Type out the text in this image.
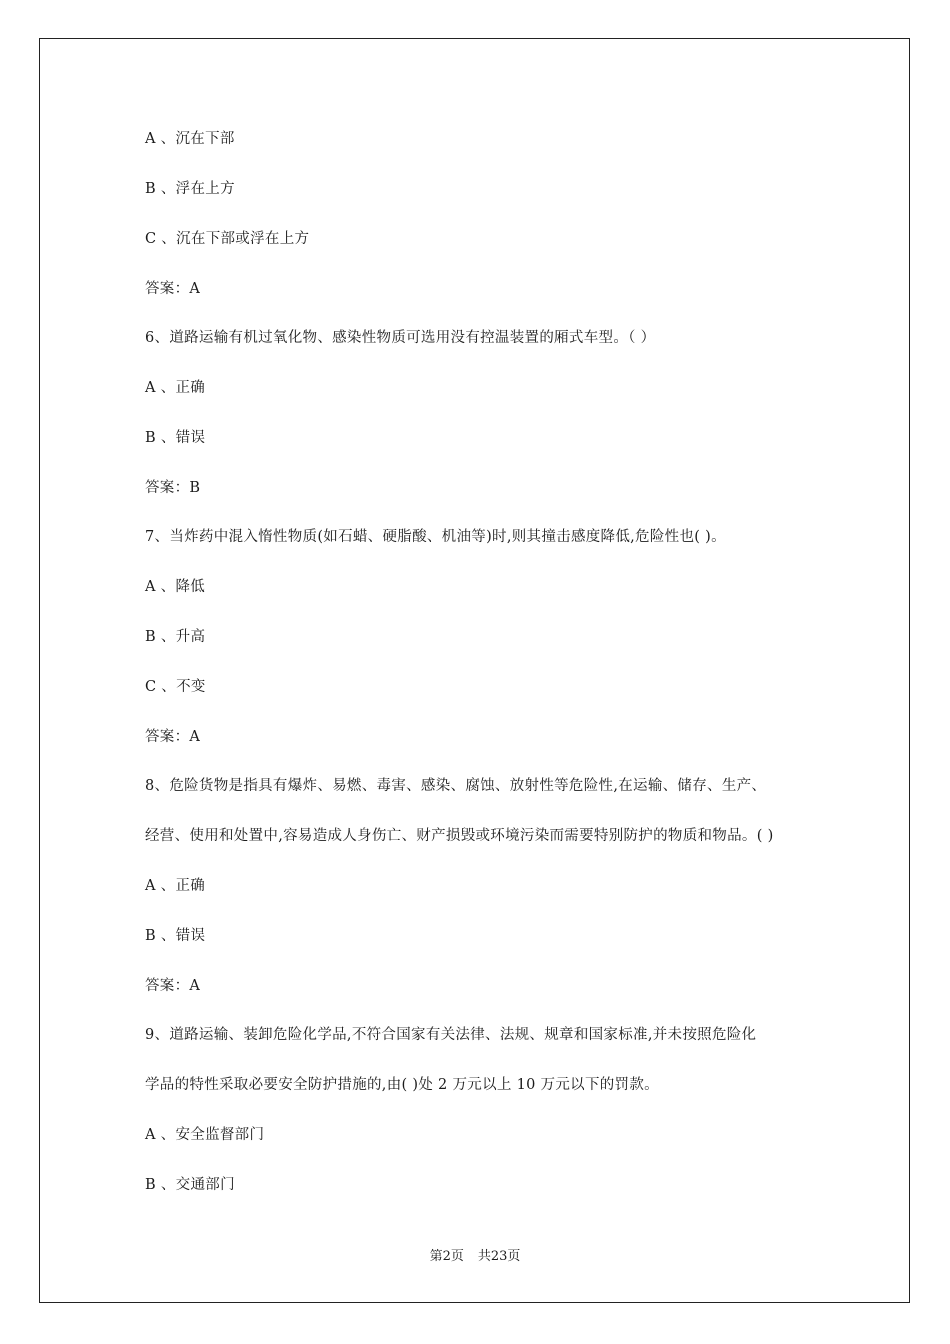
A 、沉在下部
B 、浮在上方
C 、沉在下部或浮在上方
答案：A
6、道路运输有机过氧化物、感染性物质可选用没有控温装置的厢式车型。（ ）
A 、正确
B 、错误
答案：B
7、当炸药中混入惰性物质(如石蜡、硬脂酸、机油等)时,则其撞击感度降低,危险性也( )。
A 、降低
B 、升高
C 、不变
答案：A
8、危险货物是指具有爆炸、易燃、毒害、感染、腐蚀、放射性等危险性,在运输、储存、生产、
经营、使用和处置中,容易造成人身伤亡、财产损毁或环境污染而需要特别防护的物质和物品。( )
A 、正确
B 、错误
答案：A
9、道路运输、装卸危险化学品,不符合国家有关法律、法规、规章和国家标准,并未按照危险化
学品的特性采取必要安全防护措施的,由( )处 2 万元以上 10 万元以下的罚款。
A 、安全监督部门
B 、交通部门
第2页 共23页
